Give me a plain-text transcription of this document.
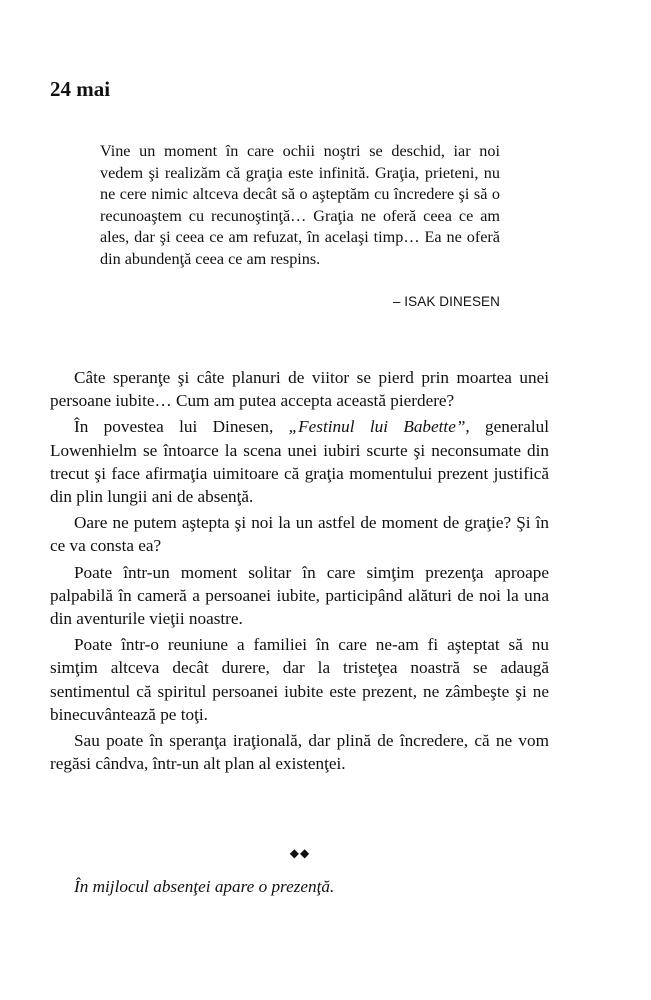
24 mai

Vine un moment în care ochii noştri se deschid, iar noi vedem şi realizăm că graţia este infinită. Graţia, prieteni, nu ne cere nimic altceva decât să o aşteptăm cu încredere şi să o recunoaştem cu recunoştinţă… Graţia ne oferă ceea ce am ales, dar şi ceea ce am refuzat, în acelaşi timp… Ea ne oferă din abundenţă ceea ce am respins.

– ISAK DINESEN

Câte speranţe şi câte planuri de viitor se pierd prin moartea unei persoane iubite… Cum am putea accepta această pierdere?

În povestea lui Dinesen, „Festinul lui Babette”, generalul Lowenhielm se întoarce la scena unei iubiri scurte şi neconsumate din trecut şi face afirmaţia uimitoare că graţia momentului prezent justifică din plin lungii ani de absenţă.

Oare ne putem aştepta şi noi la un astfel de moment de graţie? Şi în ce va consta ea?

Poate într-un moment solitar în care simţim prezenţa aproape palpabilă în cameră a persoanei iubite, participând alături de noi la una din aventurile vieţii noastre.

Poate într-o reuniune a familiei în care ne-am fi aşteptat să nu simţim altceva decât durere, dar la tristeţea noastră se adaugă sentimentul că spiritul persoanei iubite este prezent, ne zâmbeşte şi ne binecuvântează pe toţi.

Sau poate în speranţa iraţională, dar plină de încredere, că ne vom regăsi cândva, într-un alt plan al existenţei.

◆◆
În mijlocul absenţei apare o prezenţă.
